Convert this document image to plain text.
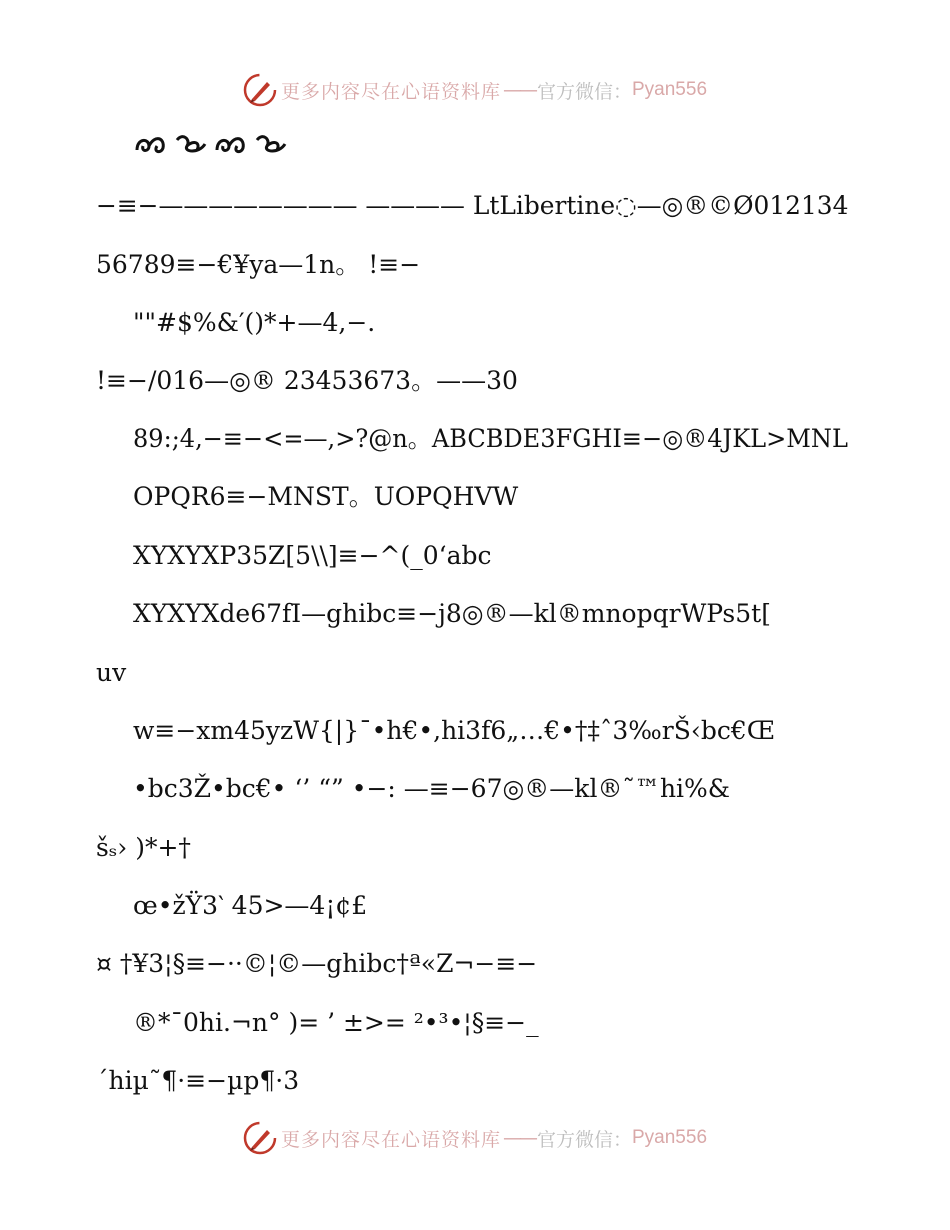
更多内容尽在心语资料库 —— 官方微信： Pyan556
−≡−———————— ———— LtLibertine◌—◎®©Ø012134
56789≡−€¥ya—1n。 !≡−
""#$%&′()*+—4,−.
!≡−/016—◎® 23453673。——30
89:;4,−≡−<=—,>?@n。ABCBDE3FGHI≡−◎®4JKL>MNL
OPQR6≡−MNST。UOPQHVW
XYXYXP35Z[5\\]≡−^(_0‘abc
XYXYXde67fI—ghibc≡−j8◎®—kl®mnopqrWPs5t[
uv
w≡−xm45yzW{|}¯•h€•,hi3f6„…€•†‡ˆ3‰rŠ‹bc€Œ
•bc3Ž•bc€• ‘’ “” •−: —≡−67◎®—kl®˜™hi%&
šₛ› )*+†
œ•žŸ3‵ 45>—4¡¢£
¤ †¥3¦§≡−··©¦©—ghibc†ª«Z¬−≡−
®*¯0hi.¬n° )= ’ ±>= ²•³•¦§≡−_
´hiµ˜¶·≡−µp¶·3
更多内容尽在心语资料库 —— 官方微信： Pyan556
